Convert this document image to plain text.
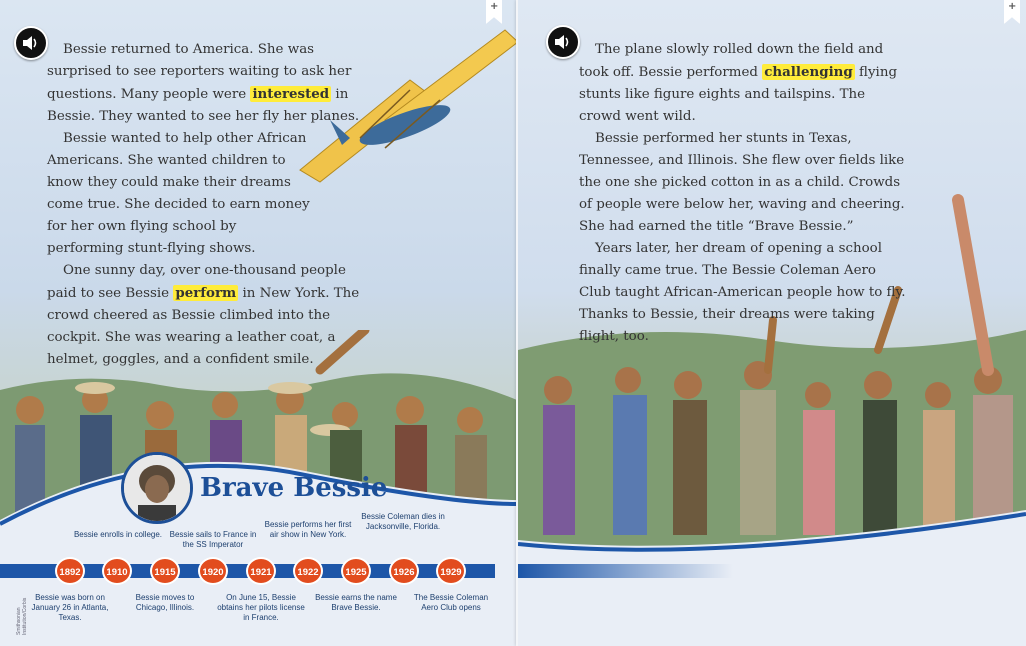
+

Bessie returned to America. She was surprised to see reporters waiting to ask her questions. Many people were interested in Bessie. They wanted to see her fly her planes.

Bessie wanted to help other African Americans. She wanted children to know they could make their dreams come true. She decided to earn money for her own flying school by performing stunt-flying shows.

One sunny day, over one-thousand people paid to see Bessie perform in New York. The crowd cheered as Bessie climbed into the cockpit. She was wearing a leather coat, a helmet, goggles, and a confident smile.

Brave Bessie
Bessie enrolls in college. Bessie sails to France in the SS Imperator
Bessie performs her first air show in New York.
Bessie Coleman dies in Jacksonville, Florida.
1892	1910	1915	1920	1921	1922	1925	1926	1929
Bessie was born on January 26 in Atlanta, Texas.
Bessie moves to Chicago, Illinois.
On June 15, Bessie obtains her pilots license in France.
Bessie earns the name Brave Bessie.
The Bessie Coleman Aero Club opens
Smithsonian Institution/Corbis
+

The plane slowly rolled down the field and took off. Bessie performed challenging flying stunts like figure eights and tailspins. The crowd went wild.

Bessie performed her stunts in Texas, Tennessee, and Illinois. She flew over fields like the one she picked cotton in as a child. Crowds of people were below her, waving and cheering. She had earned the title “Brave Bessie.”

Years later, her dream of opening a school finally came true. The Bessie Coleman Aero Club taught African-American people how to fly. Thanks to Bessie, their dreams were taking flight, too.
